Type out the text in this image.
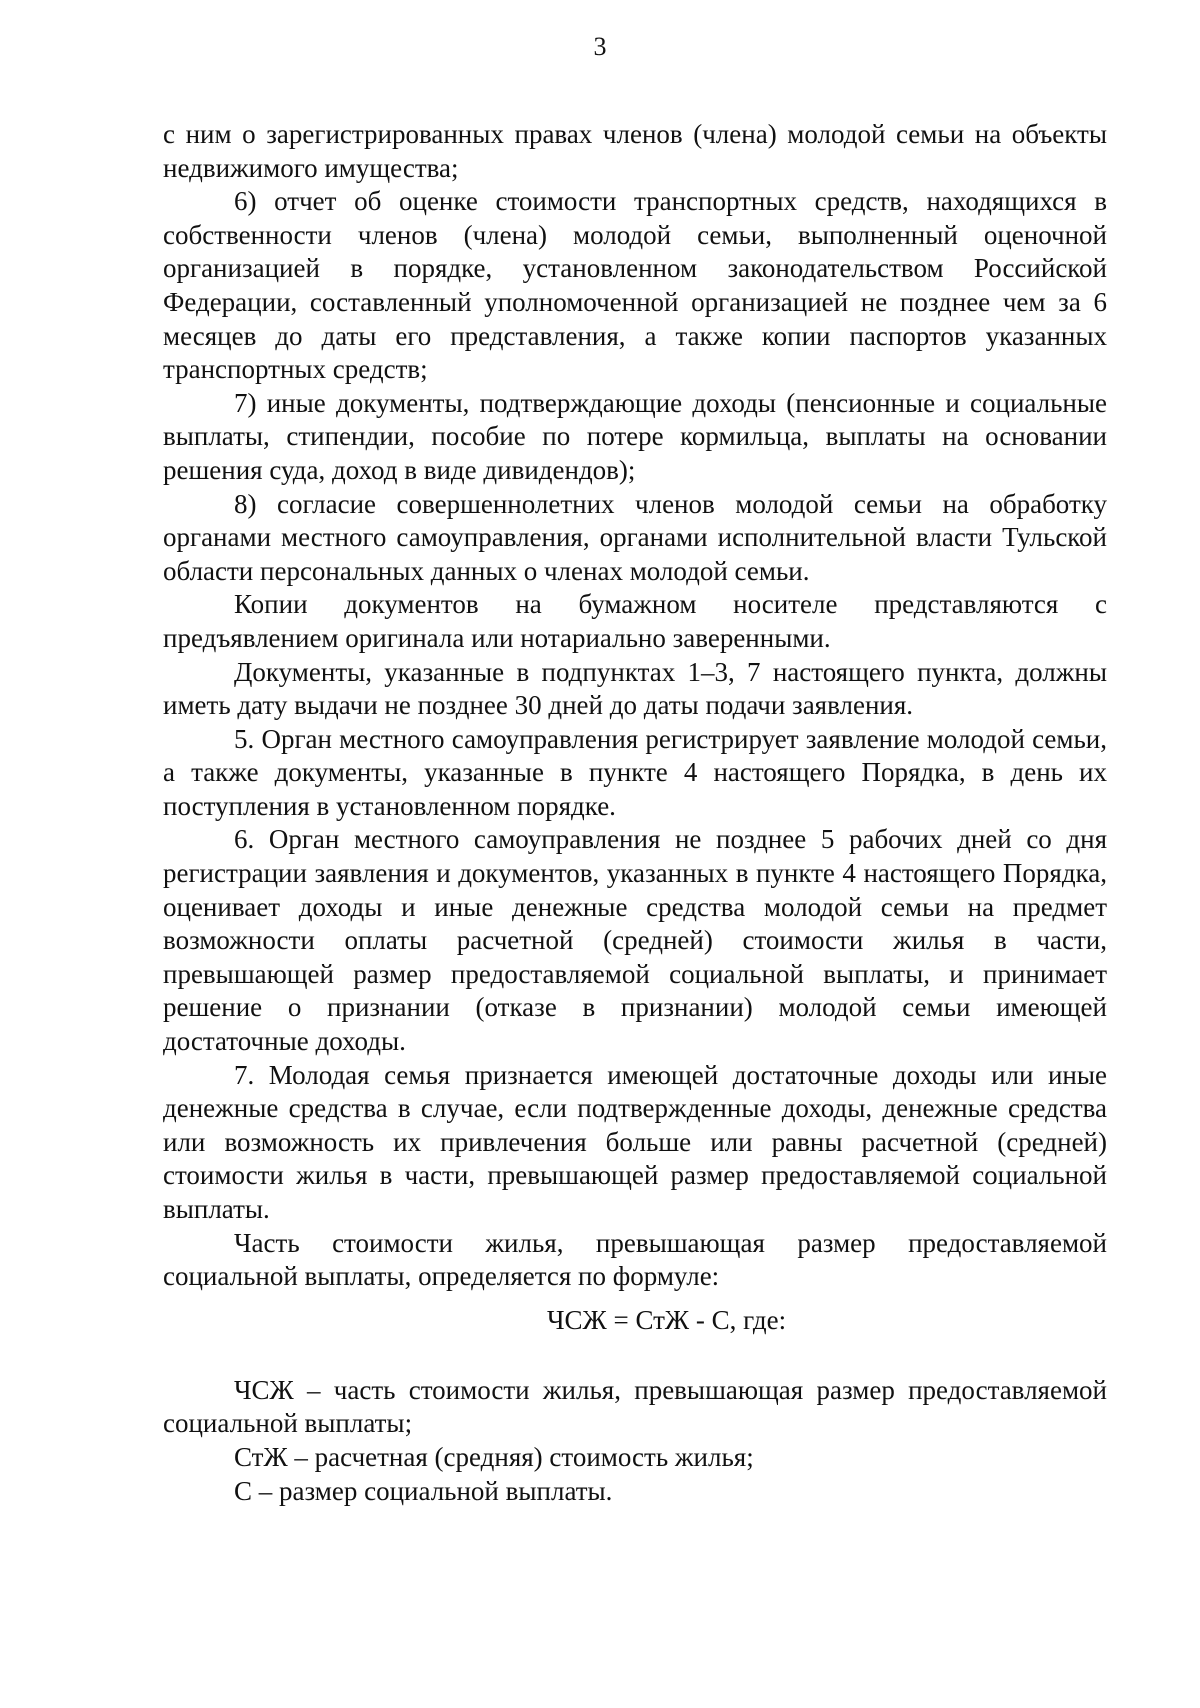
3

с ним о зарегистрированных правах членов (члена) молодой семьи на объекты недвижимого имущества;

6) отчет об оценке стоимости транспортных средств, находящихся в собственности членов (члена) молодой семьи, выполненный оценочной организацией в порядке, установленном законодательством Российской Федерации, составленный уполномоченной организацией не позднее чем за 6 месяцев до даты его представления, а также копии паспортов указанных транспортных средств;

7) иные документы, подтверждающие доходы (пенсионные и социальные выплаты, стипендии, пособие по потере кормильца, выплаты на основании решения суда, доход в виде дивидендов);

8) согласие совершеннолетних членов молодой семьи на обработку органами местного самоуправления, органами исполнительной власти Тульской области персональных данных о членах молодой семьи.

Копии документов на бумажном носителе представляются с предъявлением оригинала или нотариально заверенными.

Документы, указанные в подпунктах 1–3, 7 настоящего пункта, должны иметь дату выдачи не позднее 30 дней до даты подачи заявления.

5. Орган местного самоуправления регистрирует заявление молодой семьи, а также документы, указанные в пункте 4 настоящего Порядка, в день их поступления в установленном порядке.

6. Орган местного самоуправления не позднее 5 рабочих дней со дня регистрации заявления и документов, указанных в пункте 4 настоящего Порядка, оценивает доходы и иные денежные средства молодой семьи на предмет возможности оплаты расчетной (средней) стоимости жилья в части, превышающей размер предоставляемой социальной выплаты, и принимает решение о признании (отказе в признании) молодой семьи имеющей достаточные доходы.

7. Молодая семья признается имеющей достаточные доходы или иные денежные средства в случае, если подтвержденные доходы, денежные средства или возможность их привлечения больше или равны расчетной (средней) стоимости жилья в части, превышающей размер предоставляемой социальной выплаты.

Часть стоимости жилья, превышающая размер предоставляемой социальной выплаты, определяется по формуле:

ЧСЖ = СтЖ - С, где:

ЧСЖ – часть стоимости жилья, превышающая размер предоставляемой социальной выплаты;

СтЖ – расчетная (средняя) стоимость жилья;

С – размер социальной выплаты.
